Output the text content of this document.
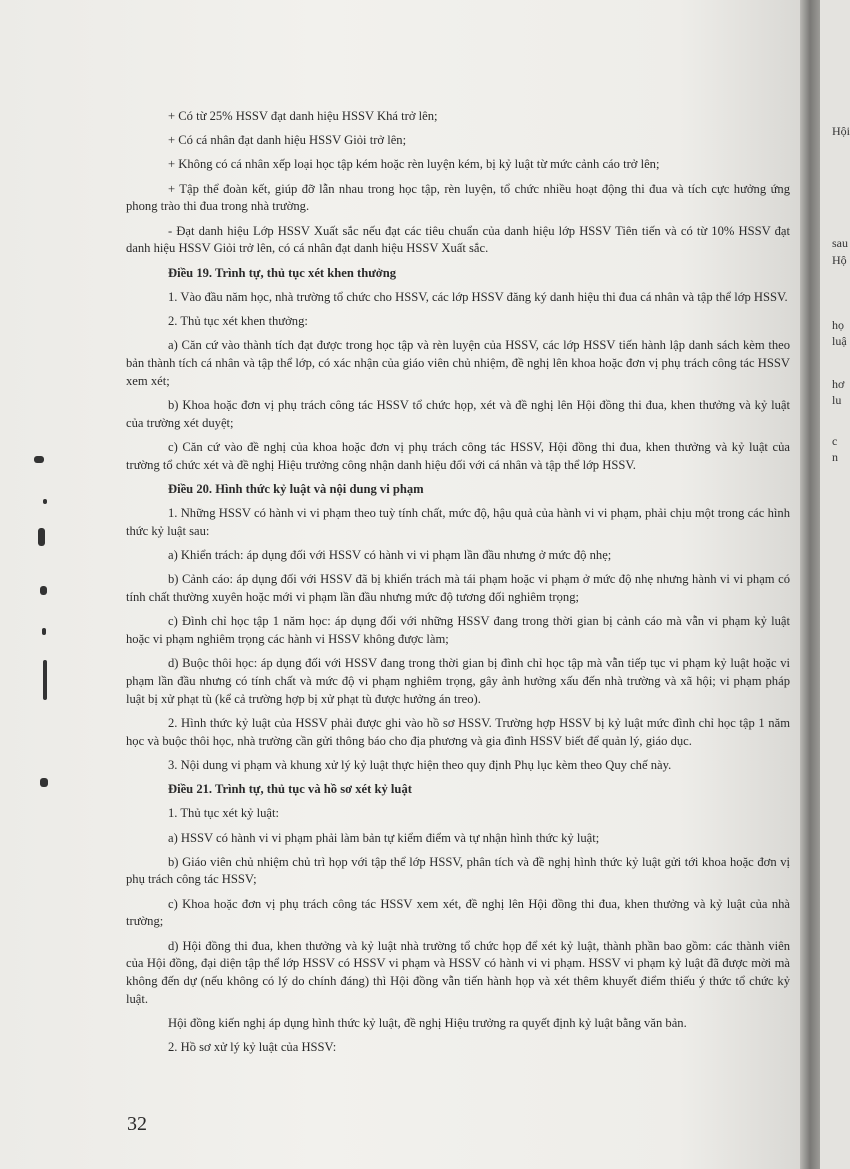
+ Có từ 25% HSSV đạt danh hiệu HSSV Khá trở lên;

+ Có cá nhân đạt danh hiệu HSSV Giỏi trở lên;

+ Không có cá nhân xếp loại học tập kém hoặc rèn luyện kém, bị kỷ luật từ mức cảnh cáo trở lên;

+ Tập thể đoàn kết, giúp đỡ lẫn nhau trong học tập, rèn luyện, tổ chức nhiều hoạt động thi đua và tích cực hưởng ứng phong trào thi đua trong nhà trường.

- Đạt danh hiệu Lớp HSSV Xuất sắc nếu đạt các tiêu chuẩn của danh hiệu lớp HSSV Tiên tiến và có từ 10% HSSV đạt danh hiệu HSSV Giỏi trở lên, có cá nhân đạt danh hiệu HSSV Xuất sắc.

Điều 19. Trình tự, thủ tục xét khen thưởng

1. Vào đầu năm học, nhà trường tổ chức cho HSSV, các lớp HSSV đăng ký danh hiệu thi đua cá nhân và tập thể lớp HSSV.

2. Thủ tục xét khen thưởng:

a) Căn cứ vào thành tích đạt được trong học tập và rèn luyện của HSSV, các lớp HSSV tiến hành lập danh sách kèm theo bản thành tích cá nhân và tập thể lớp, có xác nhận của giáo viên chủ nhiệm, đề nghị lên khoa hoặc đơn vị phụ trách công tác HSSV xem xét;

b) Khoa hoặc đơn vị phụ trách công tác HSSV tổ chức họp, xét và đề nghị lên Hội đồng thi đua, khen thưởng và kỷ luật của trường xét duyệt;

c) Căn cứ vào đề nghị của khoa hoặc đơn vị phụ trách công tác HSSV, Hội đồng thi đua, khen thưởng và kỷ luật của trường tổ chức xét và đề nghị Hiệu trưởng công nhận danh hiệu đối với cá nhân và tập thể lớp HSSV.

Điều 20. Hình thức kỷ luật và nội dung vi phạm

1. Những HSSV có hành vi vi phạm theo tuỳ tính chất, mức độ, hậu quả của hành vi vi phạm, phải chịu một trong các hình thức kỷ luật sau:

a) Khiển trách: áp dụng đối với HSSV có hành vi vi phạm lần đầu nhưng ở mức độ nhẹ;

b) Cảnh cáo: áp dụng đối với HSSV đã bị khiển trách mà tái phạm hoặc vi phạm ở mức độ nhẹ nhưng hành vi vi phạm có tính chất thường xuyên hoặc mới vi phạm lần đầu nhưng mức độ tương đối nghiêm trọng;

c) Đình chỉ học tập 1 năm học: áp dụng đối với những HSSV đang trong thời gian bị cảnh cáo mà vẫn vi phạm kỷ luật hoặc vi phạm nghiêm trọng các hành vi HSSV không được làm;

d) Buộc thôi học: áp dụng đối với HSSV đang trong thời gian bị đình chỉ học tập mà vẫn tiếp tục vi phạm kỷ luật hoặc vi phạm lần đầu nhưng có tính chất và mức độ vi phạm nghiêm trọng, gây ảnh hưởng xấu đến nhà trường và xã hội; vi phạm pháp luật bị xử phạt tù (kể cả trường hợp bị xử phạt tù được hưởng án treo).

2. Hình thức kỷ luật của HSSV phải được ghi vào hồ sơ HSSV. Trường hợp HSSV bị kỷ luật mức đình chỉ học tập 1 năm học và buộc thôi học, nhà trường cần gửi thông báo cho địa phương và gia đình HSSV biết để quản lý, giáo dục.

3. Nội dung vi phạm và khung xử lý kỷ luật thực hiện theo quy định Phụ lục kèm theo Quy chế này.

Điều 21. Trình tự, thủ tục và hồ sơ xét kỷ luật

1. Thủ tục xét kỷ luật:

a) HSSV có hành vi vi phạm phải làm bản tự kiểm điểm và tự nhận hình thức kỷ luật;

b) Giáo viên chủ nhiệm chủ trì họp với tập thể lớp HSSV, phân tích và đề nghị hình thức kỷ luật gửi tới khoa hoặc đơn vị phụ trách công tác HSSV;

c) Khoa hoặc đơn vị phụ trách công tác HSSV xem xét, đề nghị lên Hội đồng thi đua, khen thưởng và kỷ luật của nhà trường;

d) Hội đồng thi đua, khen thưởng và kỷ luật nhà trường tổ chức họp để xét kỷ luật, thành phần bao gồm: các thành viên của Hội đồng, đại diện tập thể lớp HSSV có HSSV vi phạm và HSSV có hành vi vi phạm. HSSV vi phạm kỷ luật đã được mời mà không đến dự (nếu không có lý do chính đáng) thì Hội đồng vẫn tiến hành họp và xét thêm khuyết điểm thiếu ý thức tổ chức kỷ luật.

Hội đồng kiến nghị áp dụng hình thức kỷ luật, đề nghị Hiệu trưởng ra quyết định kỷ luật bằng văn bản.

2. Hồ sơ xử lý kỷ luật của HSSV:

32
Hội
sau
Hộ
họ
luậ
hơ
lu
c
n
